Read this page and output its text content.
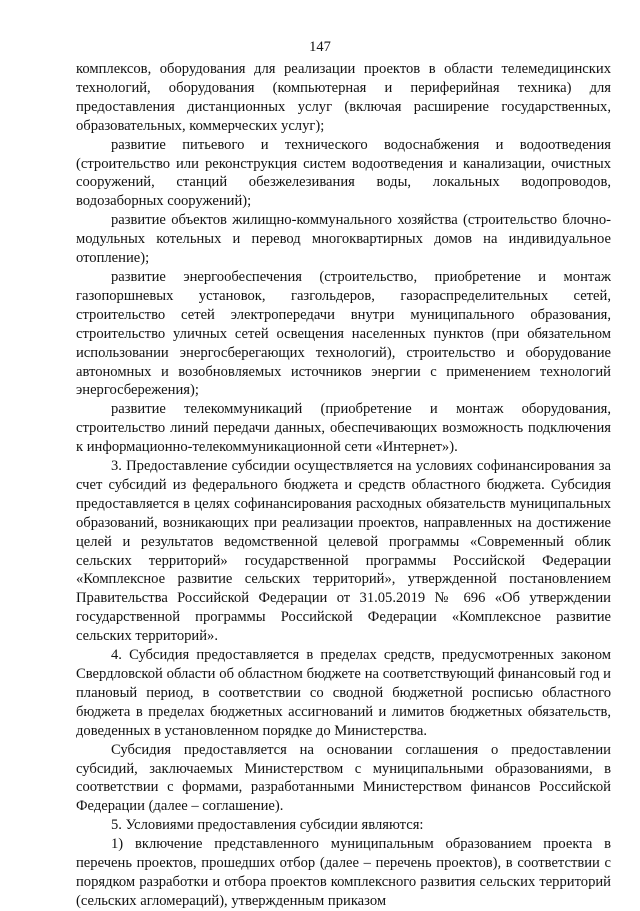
147

комплексов, оборудования для реализации проектов в области телемедицинских технологий, оборудования (компьютерная и периферийная техника) для предоставления дистанционных услуг (включая расширение государственных, образовательных, коммерческих услуг);

развитие питьевого и технического водоснабжения и водоотведения (строительство или реконструкция систем водоотведения и канализации, очистных сооружений, станций обезжелезивания воды, локальных водопроводов, водозаборных сооружений);

развитие объектов жилищно-коммунального хозяйства (строительство блочно-модульных котельных и перевод многоквартирных домов на индивидуальное отопление);

развитие энергообеспечения (строительство, приобретение и монтаж газопоршневых установок, газгольдеров, газораспределительных сетей, строительство сетей электропередачи внутри муниципального образования, строительство уличных сетей освещения населенных пунктов (при обязательном использовании энергосберегающих технологий), строительство и оборудование автономных и возобновляемых источников энергии с применением технологий энергосбережения);

развитие телекоммуникаций (приобретение и монтаж оборудования, строительство линий передачи данных, обеспечивающих возможность подключения к информационно-телекоммуникационной сети «Интернет»).

3. Предоставление субсидии осуществляется на условиях софинансирования за счет субсидий из федерального бюджета и средств областного бюджета. Субсидия предоставляется в целях софинансирования расходных обязательств муниципальных образований, возникающих при реализации проектов, направленных на достижение целей и результатов ведомственной целевой программы «Современный облик сельских территорий» государственной программы Российской Федерации «Комплексное развитие сельских территорий», утвержденной постановлением Правительства Российской Федерации от 31.05.2019 № 696 «Об утверждении государственной программы Российской Федерации «Комплексное развитие сельских территорий».

4. Субсидия предоставляется в пределах средств, предусмотренных законом Свердловской области об областном бюджете на соответствующий финансовый год и плановый период, в соответствии со сводной бюджетной росписью областного бюджета в пределах бюджетных ассигнований и лимитов бюджетных обязательств, доведенных в установленном порядке до Министерства.

Субсидия предоставляется на основании соглашения о предоставлении субсидий, заключаемых Министерством с муниципальными образованиями, в соответствии с формами, разработанными Министерством финансов Российской Федерации (далее – соглашение).

5. Условиями предоставления субсидии являются:

1) включение представленного муниципальным образованием проекта в перечень проектов, прошедших отбор (далее – перечень проектов), в соответствии с порядком разработки и отбора проектов комплексного развития сельских территорий (сельских агломераций), утвержденным приказом
